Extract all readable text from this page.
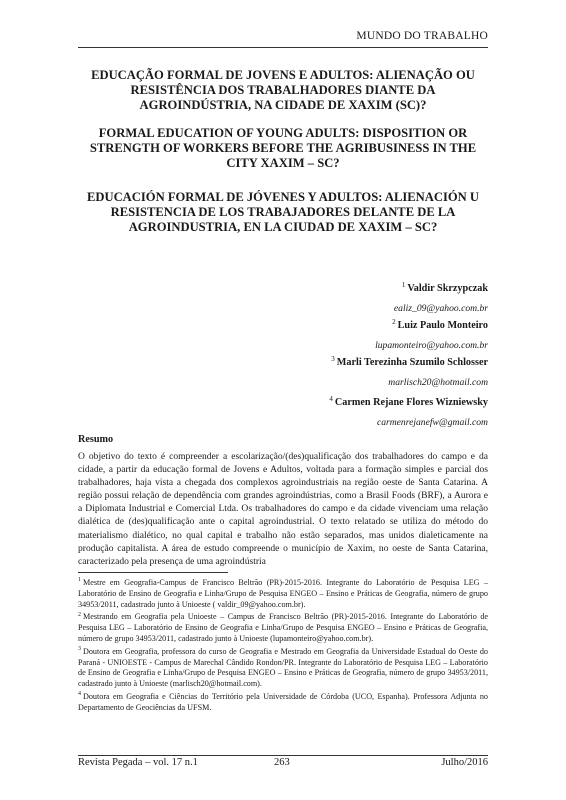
MUNDO DO TRABALHO
EDUCAÇÃO FORMAL DE JOVENS E ADULTOS: ALIENAÇÃO OU RESISTÊNCIA DOS TRABALHADORES DIANTE DA AGROINDÚSTRIA, NA CIDADE DE XAXIM (SC)?
FORMAL EDUCATION OF YOUNG ADULTS: DISPOSITION OR STRENGTH OF WORKERS BEFORE THE AGRIBUSINESS IN THE CITY XAXIM – SC?
EDUCACIÓN FORMAL DE JÓVENES Y ADULTOS: ALIENACIÓN U RESISTENCIA DE LOS TRABAJADORES DELANTE DE LA AGROINDUSTRIA, EN LA CIUDAD DE XAXIM – SC?
$^1$ Valdir Skrzypczak
ealiz_09@yahoo.com.br
$^2$ Luiz Paulo Monteiro
lupamonteiro@yahoo.com.br
$^3$ Marli Terezinha Szumilo Schlosser
marlisch20@hotmail.com
$^4$ Carmen Rejane Flores Wizniewsky
carmenrejanefw@gmail.com
Resumo
O objetivo do texto é compreender a escolarização/(des)qualificação dos trabalhadores do campo e da cidade, a partir da educação formal de Jovens e Adultos, voltada para a formação simples e parcial dos trabalhadores, haja vista a chegada dos complexos agroindustriais na região oeste de Santa Catarina. A região possui relação de dependência com grandes agroindústrias, como a Brasil Foods (BRF), a Aurora e a Diplomata Industrial e Comercial Ltda. Os trabalhadores do campo e da cidade vivenciam uma relação dialética de (des)qualificação ante o capital agroindustrial. O texto relatado se utiliza do método do materialismo dialético, no qual capital e trabalho não estão separados, mas unidos dialeticamente na produção capitalista. A área de estudo compreende o município de Xaxim, no oeste de Santa Catarina, caracterizado pela presença de uma agroindústria

$^1$ Mestre em Geografia-Campus de Francisco Beltrão (PR)-2015-2016. Integrante do Laboratório de Pesquisa LEG – Laboratório de Ensino de Geografia e Linha/Grupo de Pesquisa ENGEO – Ensino e Práticas de Geografia, número de grupo 34953/2011, cadastrado junto à Unioeste ( valdir_09@yahoo.com.br).

$^2$ Mestrando em Geografia pela Unioeste – Campus de Francisco Beltrão (PR)-2015-2016. Integrante do Laboratório de Pesquisa LEG – Laboratório de Ensino de Geografia e Linha/Grupo de Pesquisa ENGEO – Ensino e Práticas de Geografia, número de grupo 34953/2011, cadastrado junto à Unioeste (lupamonteiro@yahoo.com.br).

$^3$ Doutora em Geografia, professora do curso de Geografia e Mestrado em Geografia da Universidade Estadual do Oeste do Paraná - UNIOESTE - Campus de Marechal Cândido Rondon/PR. Integrante do Laboratório de Pesquisa LEG – Laboratório de Ensino de Geografia e Linha/Grupo de Pesquisa ENGEO – Ensino e Práticas de Geografia, número de grupo 34953/2011, cadastrado junto à Unioeste (marlisch20@hotmail.com).

$^4$ Doutora em Geografia e Ciências do Território pela Universidade de Córdoba (UCO, Espanha). Professora Adjunta no Departamento de Geociências da UFSM.

Revista Pegada – vol. 17 n.1	263	Julho/2016
